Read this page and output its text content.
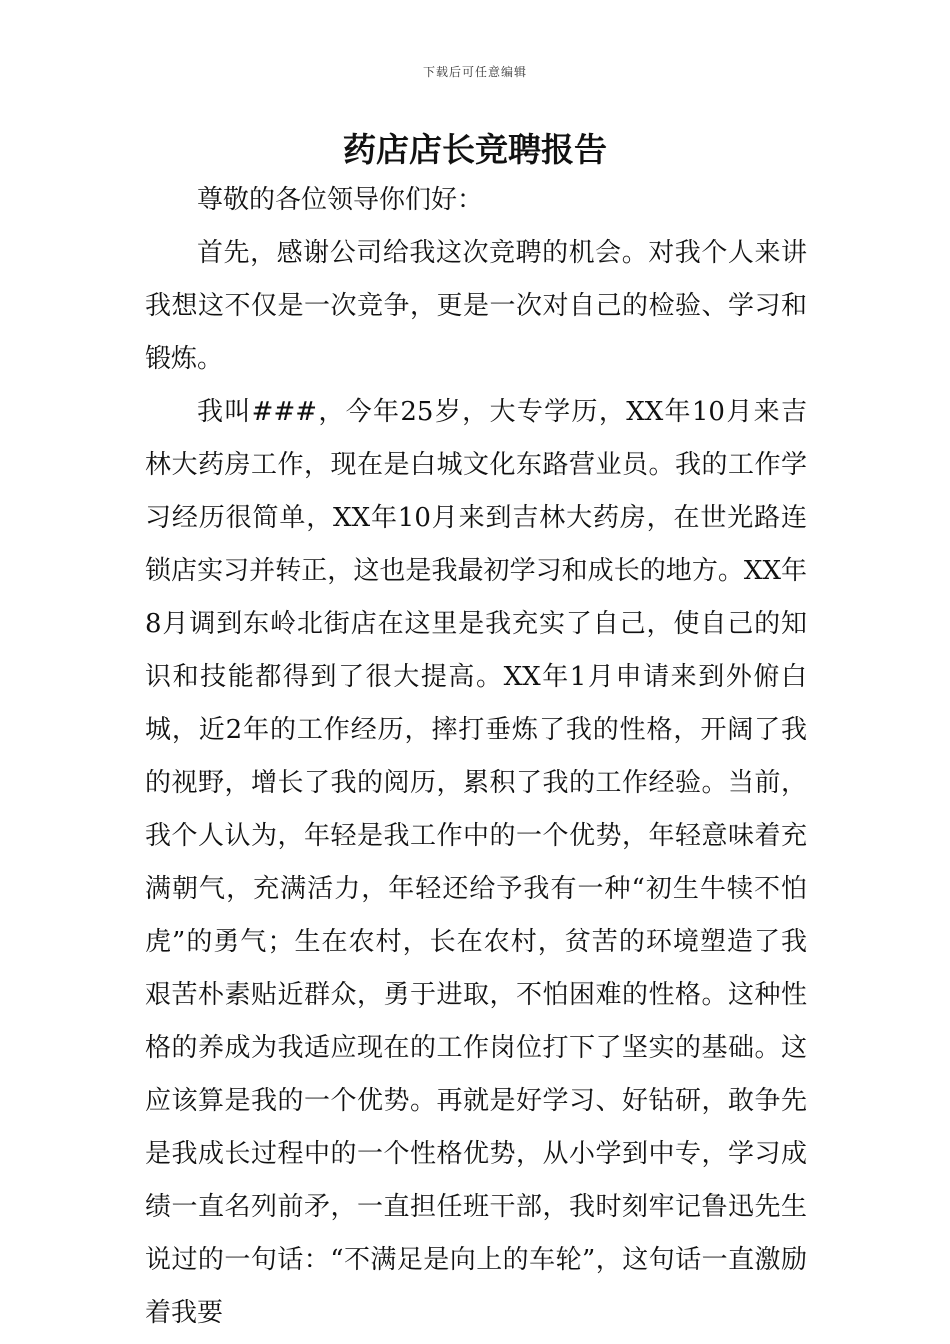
下载后可任意编辑
药店店长竞聘报告

尊敬的各位领导你们好：

首先，感谢公司给我这次竞聘的机会。对我个人来讲我想这不仅是一次竞争，更是一次对自己的检验、学习和锻炼。

我叫###，今年25岁，大专学历，XX年10月来吉林大药房工作，现在是白城文化东路营业员。我的工作学习经历很简单，XX年10月来到吉林大药房，在世光路连锁店实习并转正，这也是我最初学习和成长的地方。XX年8月调到东岭北街店在这里是我充实了自己，使自己的知识和技能都得到了很大提高。XX年1月申请来到外俯白城，近2年的工作经历，摔打垂炼了我的性格，开阔了我的视野，增长了我的阅历，累积了我的工作经验。当前，我个人认为，年轻是我工作中的一个优势，年轻意味着充满朝气，充满活力，年轻还给予我有一种“初生牛犊不怕虎”的勇气；生在农村，长在农村，贫苦的环境塑造了我艰苦朴素贴近群众，勇于进取，不怕困难的性格。这种性格的养成为我适应现在的工作岗位打下了坚实的基础。这应该算是我的一个优势。再就是好学习、好钻研，敢争先是我成长过程中的一个性格优势，从小学到中专，学习成绩一直名列前矛，一直担任班干部，我时刻牢记鲁迅先生说过的一句话：“不满足是向上的车轮”，这句话一直激励着我要
